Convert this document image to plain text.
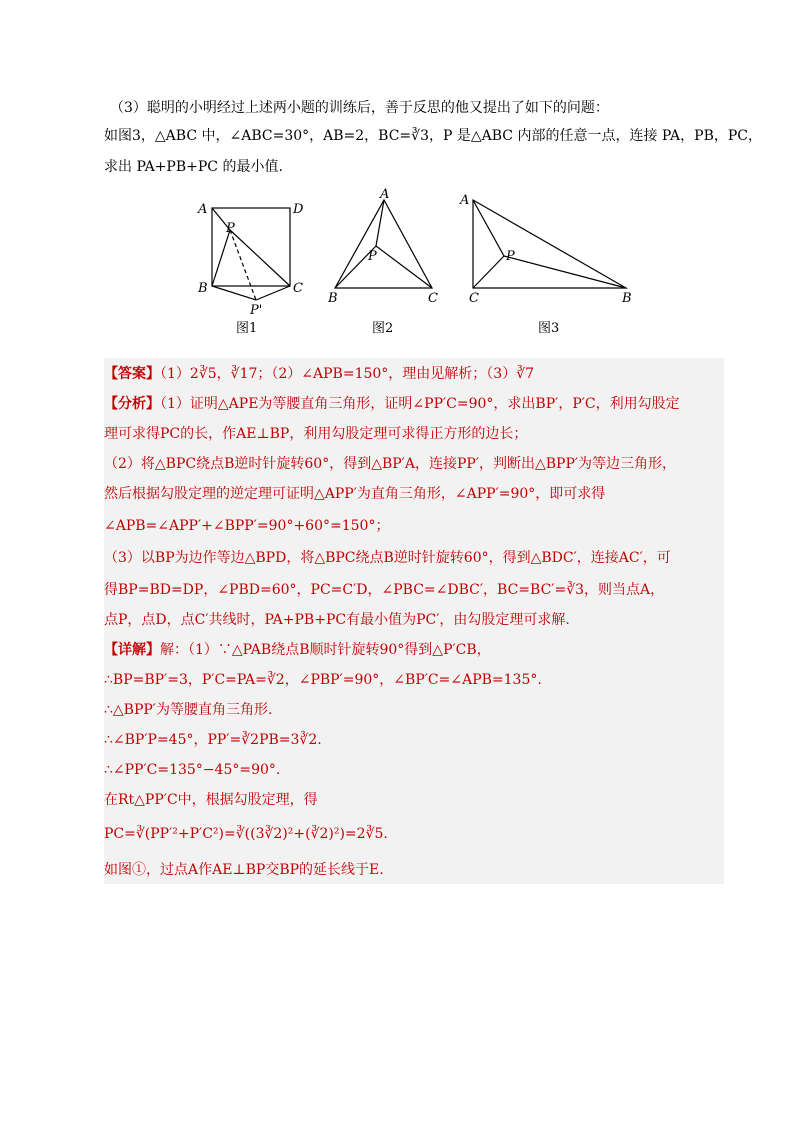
（3）聪明的小明经过上述两小题的训练后，善于反思的他又提出了如下的问题：
如图3，△ABC 中，∠ABC=30°，AB=2，BC=∛3，P 是△ABC 内部的任意一点，连接 PA，PB，PC，
求出 PA+PB+PC 的最小值.
A	D
P
B	C
P'
图1
A
P
B	C
图2
A
P
C	B
图3
【答案】（1）2∛5，∛17；（2）∠APB=150°，理由见解析；（3）∛7
【分析】（1）证明△APE为等腰直角三角形，证明∠PP′C=90°，求出BP′，P′C，利用勾股定
理可求得PC的长，作AE⊥BP，利用勾股定理可求得正方形的边长；
（2）将△BPC绕点B逆时针旋转60°，得到△BP′A，连接PP′，判断出△BPP′为等边三角形，
然后根据勾股定理的逆定理可证明△APP′为直角三角形，∠APP′=90°，即可求得
∠APB=∠APP′+∠BPP′=90°+60°=150°；
（3）以BP为边作等边△BPD，将△BPC绕点B逆时针旋转60°，得到△BDC′，连接AC′，可
得BP=BD=DP，∠PBD=60°，PC=C′D，∠PBC=∠DBC′，BC=BC′=∛3，则当点A，
点P，点D，点C′共线时，PA+PB+PC有最小值为PC′，由勾股定理可求解.
【详解】解：（1）∵△PAB绕点B顺时针旋转90°得到△P′CB，
∴BP=BP′=3，P′C=PA=∛2，∠PBP′=90°，∠BP′C=∠APB=135°.
∴△BPP′为等腰直角三角形.
∴∠BP′P=45°，PP′=∛2PB=3∛2.
∴∠PP′C=135°−45°=90°.
在Rt△PP′C中，根据勾股定理，得
PC=∛(PP′²+P′C²)=∛((3∛2)²+(∛2)²)=2∛5.
如图①，过点A作AE⊥BP交BP的延长线于E.
